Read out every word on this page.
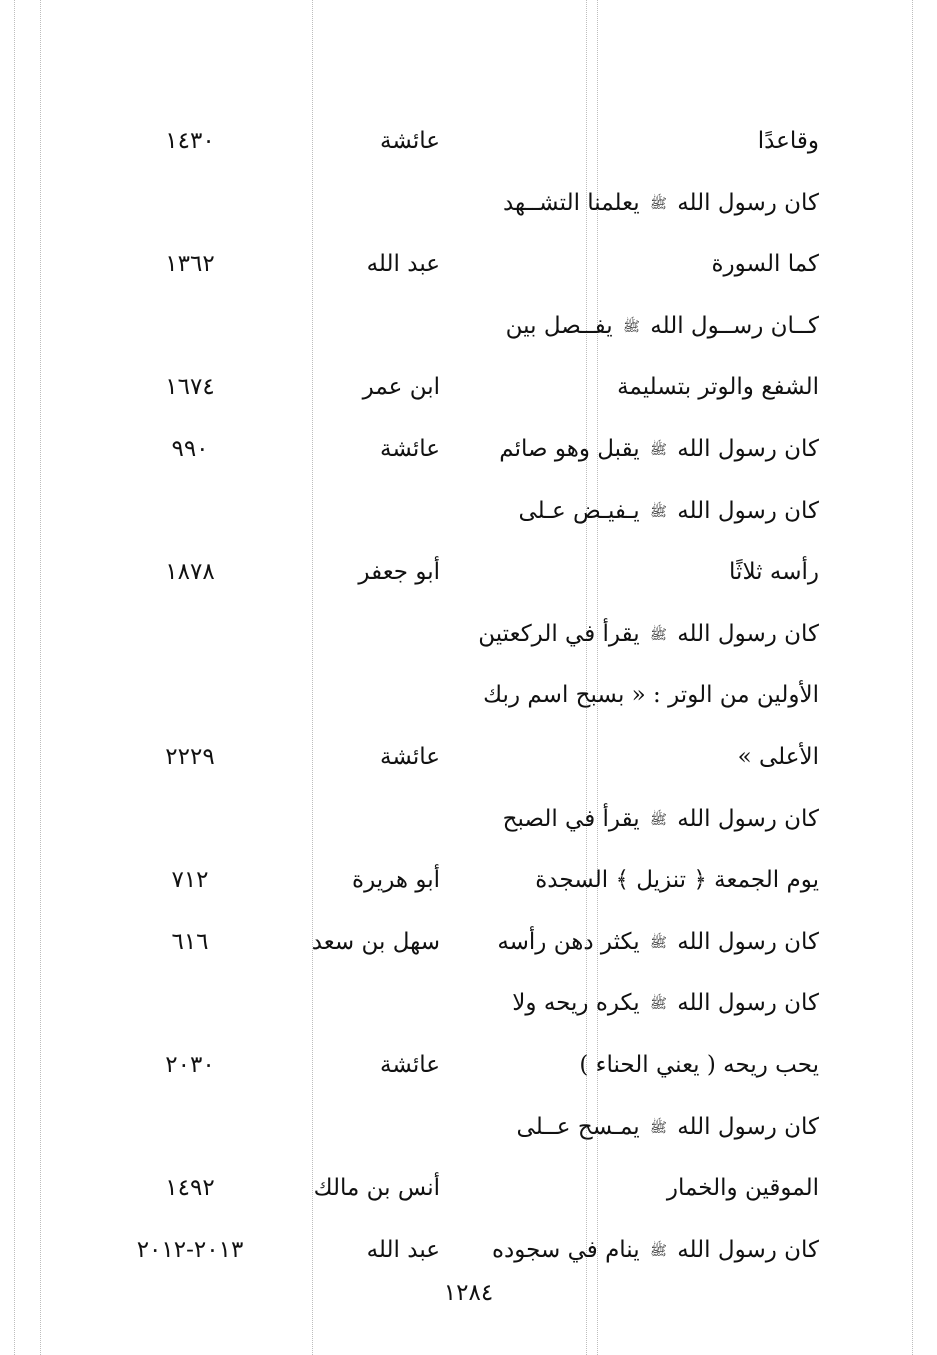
وقاعدًا
عائشة
١٤٣٠
كان رسول الله ﷺ يعلمنا التشــهد
كما السورة
عبد الله
١٣٦٢
كــان رســول الله ﷺ يفــصل بين
الشفع والوتر بتسليمة
ابن عمر
١٦٧٤
كان رسول الله ﷺ يقبل وهو صائم
عائشة
٩٩٠
كان رسول الله ﷺ يـفيـض عـلى
رأسه ثلاثًا
أبو جعفر
١٨٧٨
كان رسول الله ﷺ يقرأ في الركعتين
الأولين من الوتر : « بسبح اسم ربك
الأعلى »
عائشة
٢٢٢٩
كان رسول الله ﷺ يقرأ في الصبح
يوم الجمعة ﴿ تنزيل ﴾ السجدة
أبو هريرة
٧١٢
كان رسول الله ﷺ يكثر دهن رأسه
سهل بن سعد
٦١٦
كان رسول الله ﷺ يكره ريحه ولا
يحب ريحه ( يعني الحناء )
عائشة
٢٠٣٠
كان رسول الله ﷺ يمـسح عــلى
الموقين والخمار
أنس بن مالك
١٤٩٢
كان رسول الله ﷺ ينام في سجوده
عبد الله
٢٠١٣-٢٠١٢
١٢٨٤
